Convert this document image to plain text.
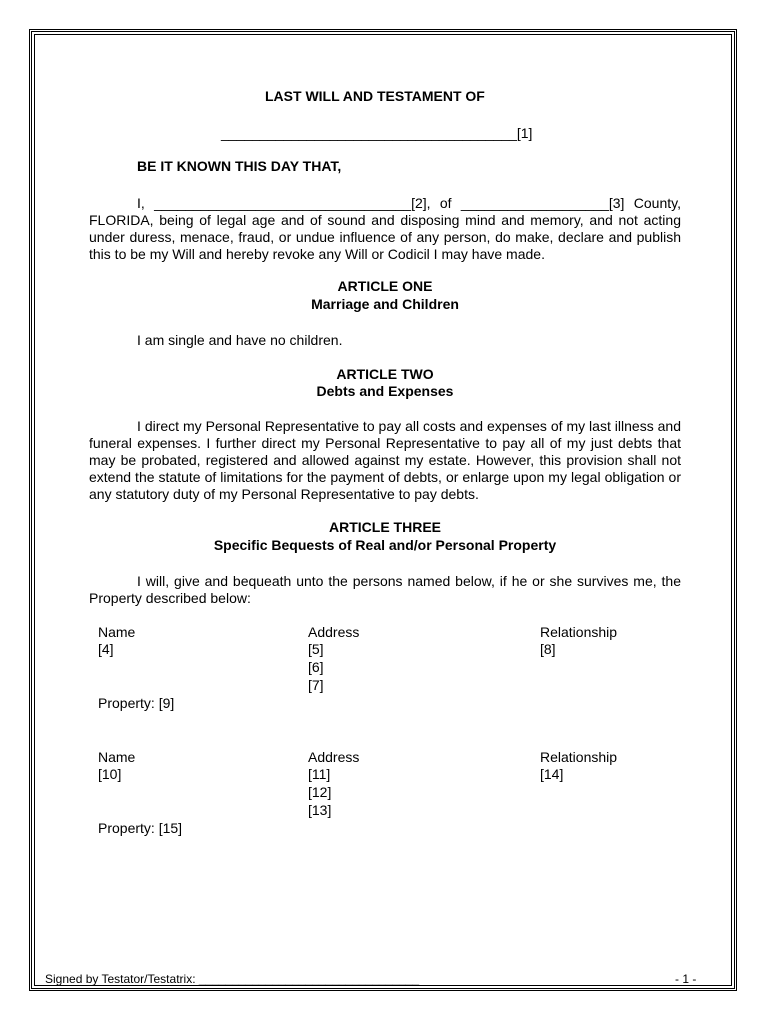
LAST WILL AND TESTAMENT OF
______________________________________[1]
BE IT KNOWN THIS DAY THAT,
I, _________________________________[2], of ___________________[3] County,
FLORIDA, being of legal age and of sound and disposing mind and memory, and not acting under duress, menace, fraud, or undue influence of any person, do make, declare and publish this to be my Will and hereby revoke any Will or Codicil I may have made.
ARTICLE ONE
Marriage and Children
I am single and have no children.
ARTICLE TWO
Debts and Expenses
I direct my Personal Representative to pay all costs and expenses of my last illness and funeral expenses. I further direct my Personal Representative to pay all of my just debts that may be probated, registered and allowed against my estate. However, this provision shall not extend the statute of limitations for the payment of debts, or enlarge upon my legal obligation or any statutory duty of my Personal Representative to pay debts.
ARTICLE THREE
Specific Bequests of Real and/or Personal Property
I will, give and bequeath unto the persons named below, if he or she survives me, the Property described below:
Name
[4]
Address
[5]
[6]
[7]
Relationship
[8]
Property: [9]
Name
[10]
Address
[11]
[12]
[13]
Relationship
[14]
Property: [15]
Signed by Testator/Testatrix: _________________________________	- 1 -
